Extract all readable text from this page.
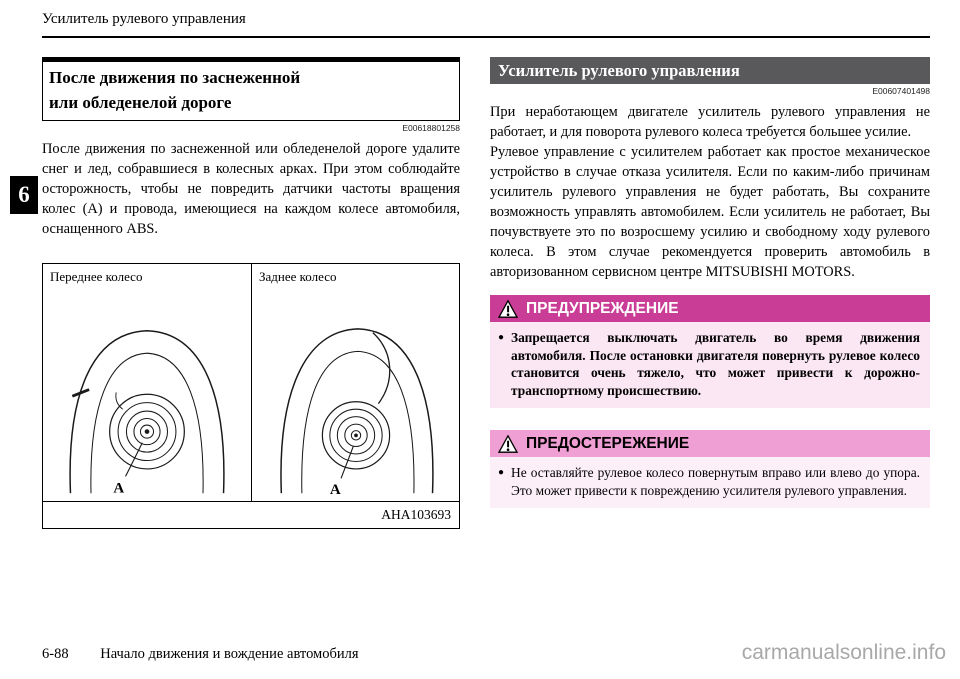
Усилитель рулевого управления
6
После движения по заснеженной
или обледенелой дороге
E00618801258

После движения по заснеженной или обледенелой дороге удалите снег и лед, собравшиеся в колесных арках. При этом соблюдайте осторожность, чтобы не повредить датчики частоты вращения колес (А) и провода, имеющиеся на каждом колесе автомобиля, оснащенного ABS.

Переднее колесо
А
Заднее колесо
А
AHA103693
Усилитель рулевого управления
E00607401498

При неработающем двигателе усилитель рулевого управления не работает, и для поворота рулевого колеса требуется большее усилие.

Рулевое управление с усилителем работает как простое механическое устройство в случае отказа усилителя. Если по каким-либо причинам усилитель рулевого управления не будет работать, Вы сохраните возможность управлять автомобилем. Если усилитель не работает, Вы почувствуете это по возросшему усилию и свободному ходу рулевого колеса. В этом случае рекомендуется проверить автомобиль в авторизованном сервисном центре MITSUBISHI MOTORS.

ПРЕДУПРЕЖДЕНИЕ
● Запрещается выключать двигатель во время движения автомобиля. После остановки двигателя повернуть рулевое колесо становится очень тяжело, что может привести к дорожно-транспортному происшествию.
ПРЕДОСТЕРЕЖЕНИЕ
● Не оставляйте рулевое колесо повернутым вправо или влево до упора. Это может привести к повреждению усилителя рулевого управления.
6-88 Начало движения и вождение автомобиля	carmanualsonline.info
